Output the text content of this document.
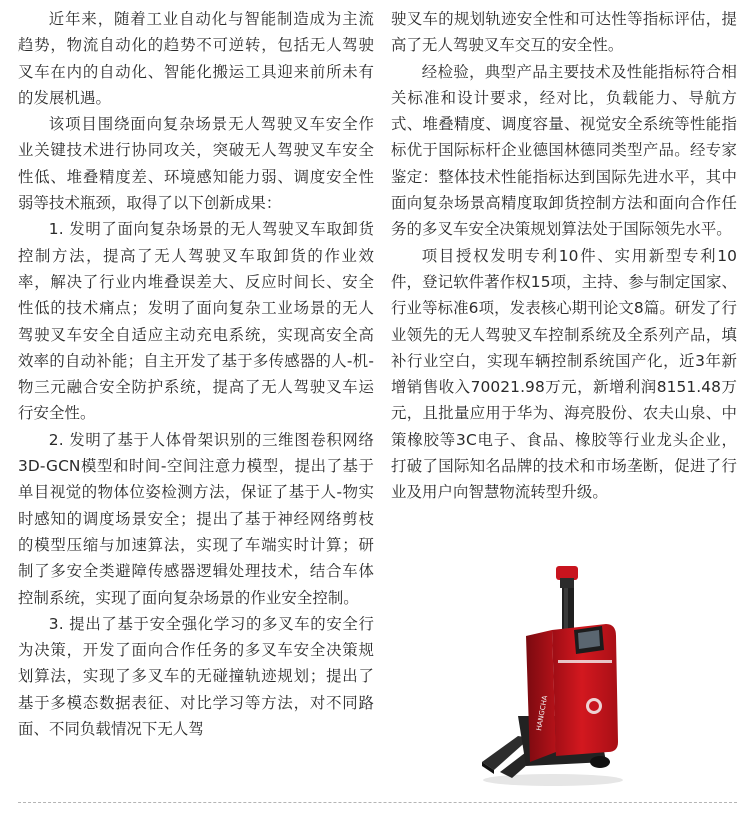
近年来，随着工业自动化与智能制造成为主流趋势，物流自动化的趋势不可逆转，包括无人驾驶叉车在内的自动化、智能化搬运工具迎来前所未有的发展机遇。

该项目围绕面向复杂场景无人驾驶叉车安全作业关键技术进行协同攻关，突破无人驾驶叉车安全性低、堆叠精度差、环境感知能力弱、调度安全性弱等技术瓶颈，取得了以下创新成果：

1. 发明了面向复杂场景的无人驾驶叉车取卸货控制方法，提高了无人驾驶叉车取卸货的作业效率，解决了行业内堆叠误差大、反应时间长、安全性低的技术痛点；发明了面向复杂工业场景的无人驾驶叉车安全自适应主动充电系统，实现高安全高效率的自动补能；自主开发了基于多传感器的人-机-物三元融合安全防护系统，提高了无人驾驶叉车运行安全性。

2. 发明了基于人体骨架识别的三维图卷积网络3D-GCN模型和时间-空间注意力模型，提出了基于单目视觉的物体位姿检测方法，保证了基于人-物实时感知的调度场景安全；提出了基于神经网络剪枝的模型压缩与加速算法，实现了车端实时计算；研制了多安全类避障传感器逻辑处理技术，结合车体控制系统，实现了面向复杂场景的作业安全控制。

3. 提出了基于安全强化学习的多叉车的安全行为决策，开发了面向合作任务的多叉车安全决策规划算法，实现了多叉车的无碰撞轨迹规划；提出了基于多模态数据表征、对比学习等方法，对不同路面、不同负载情况下无人驾

驶叉车的规划轨迹安全性和可达性等指标评估，提高了无人驾驶叉车交互的安全性。

经检验，典型产品主要技术及性能指标符合相关标准和设计要求，经对比，负载能力、导航方式、堆叠精度、调度容量、视觉安全系统等性能指标优于国际标杆企业德国林德同类型产品。经专家鉴定：整体技术性能指标达到国际先进水平，其中面向复杂场景高精度取卸货控制方法和面向合作任务的多叉车安全决策规划算法处于国际领先水平。

项目授权发明专利10件、实用新型专利10件，登记软件著作权15项，主持、参与制定国家、行业等标准6项，发表核心期刊论文8篇。研发了行业领先的无人驾驶叉车控制系统及全系列产品，填补行业空白，实现车辆控制系统国产化，近3年新增销售收入70021.98万元，新增利润8151.48万元，且批量应用于华为、海亮股份、农夫山泉、中策橡胶等3C电子、食品、橡胶等行业龙头企业，打破了国际知名品牌的技术和市场垄断，促进了行业及用户向智慧物流转型升级。

HANGCHA
